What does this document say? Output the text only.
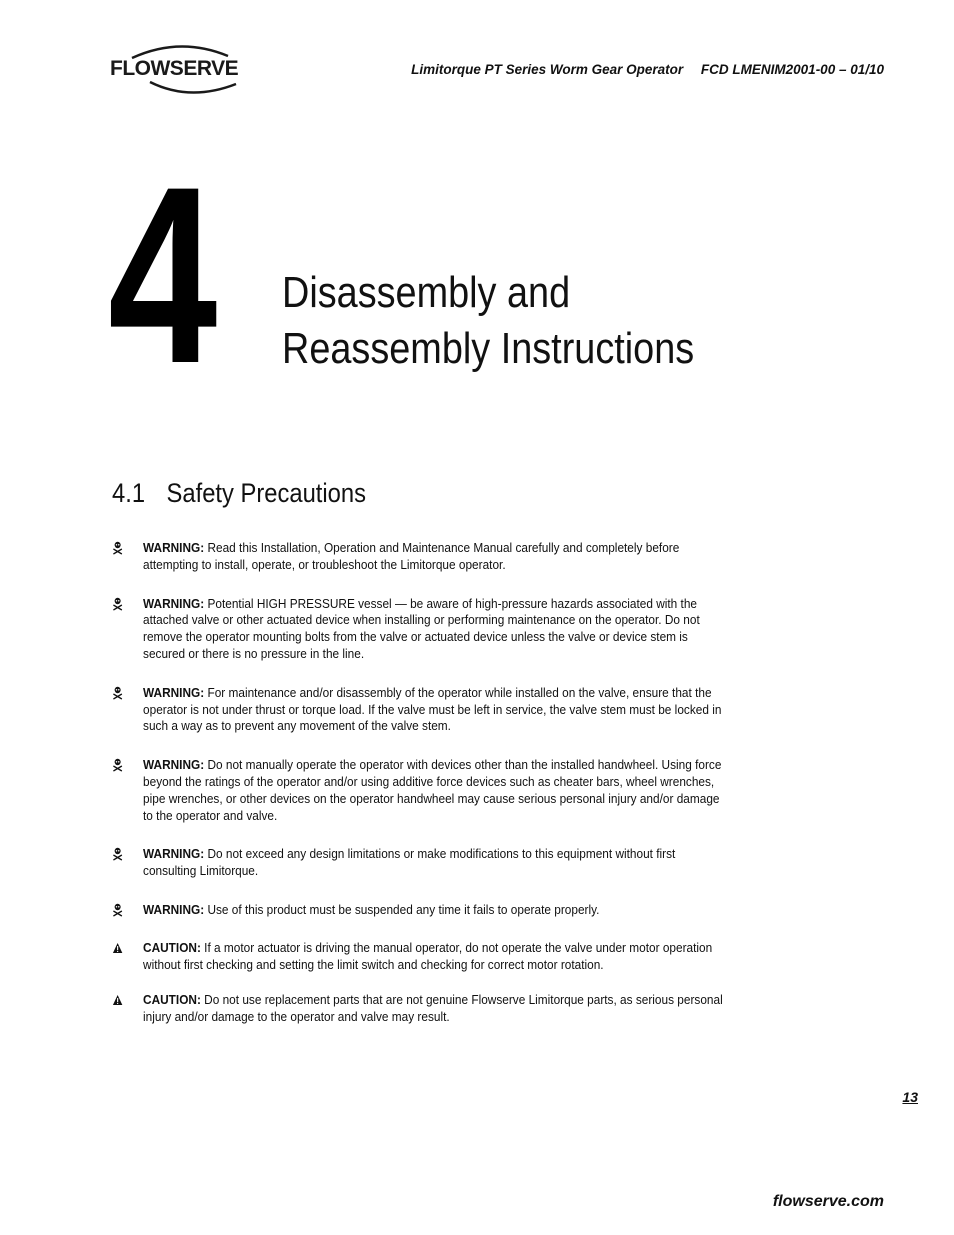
FLOWSERVE	Limitorque PT Series Worm Gear Operator FCD LMENIM2001-00 – 01/10
4 Disassembly and
Reassembly Instructions
4.1 Safety Precautions
WARNING: Read this Installation, Operation and Maintenance Manual carefully and completely before attempting to install, operate, or troubleshoot the Limitorque operator.
WARNING: Potential HIGH PRESSURE vessel — be aware of high-pressure hazards associated with the attached valve or other actuated device when installing or performing maintenance on the operator. Do not remove the operator mounting bolts from the valve or actuated device unless the valve or device stem is secured or there is no pressure in the line.
WARNING: For maintenance and/or disassembly of the operator while installed on the valve, ensure that the operator is not under thrust or torque load. If the valve must be left in service, the valve stem must be locked in such a way as to prevent any movement of the valve stem.
WARNING: Do not manually operate the operator with devices other than the installed handwheel. Using force beyond the ratings of the operator and/or using additive force devices such as cheater bars, wheel wrenches, pipe wrenches, or other devices on the operator handwheel may cause serious personal injury and/or damage to the operator and valve.
WARNING: Do not exceed any design limitations or make modifications to this equipment without first consulting Limitorque.
WARNING: Use of this product must be suspended any time it fails to operate properly.
CAUTION: If a motor actuator is driving the manual operator, do not operate the valve under motor operation without first checking and setting the limit switch and checking for correct motor rotation.
CAUTION: Do not use replacement parts that are not genuine Flowserve Limitorque parts, as serious personal injury and/or damage to the operator and valve may result.
13
flowserve.com
